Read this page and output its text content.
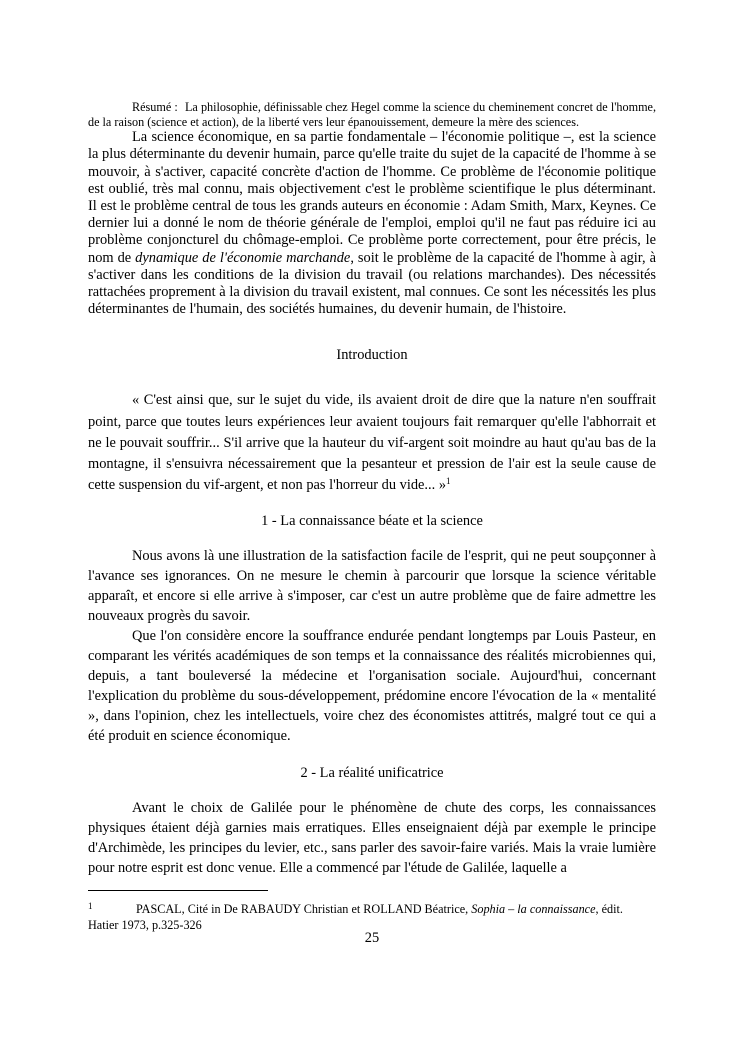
Résumé : La philosophie, définissable chez Hegel comme la science du cheminement concret de l'homme, de la raison (science et action), de la liberté vers leur épanouissement, demeure la mère des sciences.

La science économique, en sa partie fondamentale – l'économie politique –, est la science la plus déterminante du devenir humain, parce qu'elle traite du sujet de la capacité de l'homme à se mouvoir, à s'activer, capacité concrète d'action de l'homme. Ce problème de l'économie politique est oublié, très mal connu, mais objectivement c'est le problème scientifique le plus déterminant. Il est le problème central de tous les grands auteurs en économie : Adam Smith, Marx, Keynes. Ce dernier lui a donné le nom de théorie générale de l'emploi, emploi qu'il ne faut pas réduire ici au problème conjoncturel du chômage-emploi. Ce problème porte correctement, pour être précis, le nom de dynamique de l'économie marchande, soit le problème de la capacité de l'homme à agir, à s'activer dans les conditions de la division du travail (ou relations marchandes). Des nécessités rattachées proprement à la division du travail existent, mal connues. Ce sont les nécessités les plus déterminantes de l'humain, des sociétés humaines, du devenir humain, de l'histoire.

Introduction

« C'est ainsi que, sur le sujet du vide, ils avaient droit de dire que la nature n'en souffrait point, parce que toutes leurs expériences leur avaient toujours fait remarquer qu'elle l'abhorrait et ne le pouvait souffrir... S'il arrive que la hauteur du vif-argent soit moindre au haut qu'au bas de la montagne, il s'ensuivra nécessairement que la pesanteur et pression de l'air est la seule cause de cette suspension du vif-argent, et non pas l'horreur du vide... »$^1$

1 - La connaissance béate et la science

Nous avons là une illustration de la satisfaction facile de l'esprit, qui ne peut soupçonner à l'avance ses ignorances. On ne mesure le chemin à parcourir que lorsque la science véritable apparaît, et encore si elle arrive à s'imposer, car c'est un autre problème que de faire admettre les nouveaux progrès du savoir.

Que l'on considère encore la souffrance endurée pendant longtemps par Louis Pasteur, en comparant les vérités académiques de son temps et la connaissance des réalités microbiennes qui, depuis, a tant bouleversé la médecine et l'organisation sociale. Aujourd'hui, concernant l'explication du problème du sous-développement, prédomine encore l'évocation de la « mentalité », dans l'opinion, chez les intellectuels, voire chez des économistes attitrés, malgré tout ce qui a été produit en science économique.

2 - La réalité unificatrice

Avant le choix de Galilée pour le phénomène de chute des corps, les connaissances physiques étaient déjà garnies mais erratiques. Elles enseignaient déjà par exemple le principe d'Archimède, les principes du levier, etc., sans parler des savoir-faire variés. Mais la vraie lumière pour notre esprit est donc venue. Elle a commencé par l'étude de Galilée, laquelle a

1	PASCAL, Cité in De RABAUDY Christian et ROLLAND Béatrice, Sophia – la connaissance, édit. Hatier 1973, p.325-326
25
